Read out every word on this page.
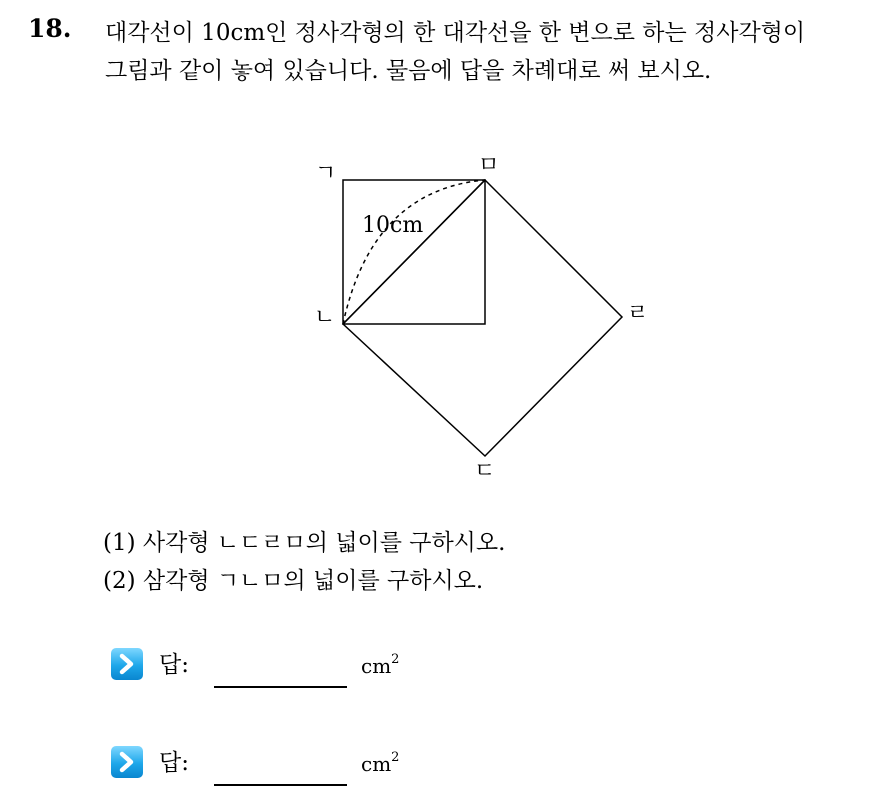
18. 대각선이 10cm인 정사각형의 한 대각선을 한 변으로 하는 정사각형이
그림과 같이 놓여 있습니다. 물음에 답을 차례대로 써 보시오.
ㄱ	ㅁ
ㄴ	ㄹ
ㄷ
10cm
(1) 사각형 ㄴㄷㄹㅁ의 넓이를 구하시오.
(2) 삼각형 ㄱㄴㅁ의 넓이를 구하시오.
답:	$cm^2$
답:	$cm^2$
